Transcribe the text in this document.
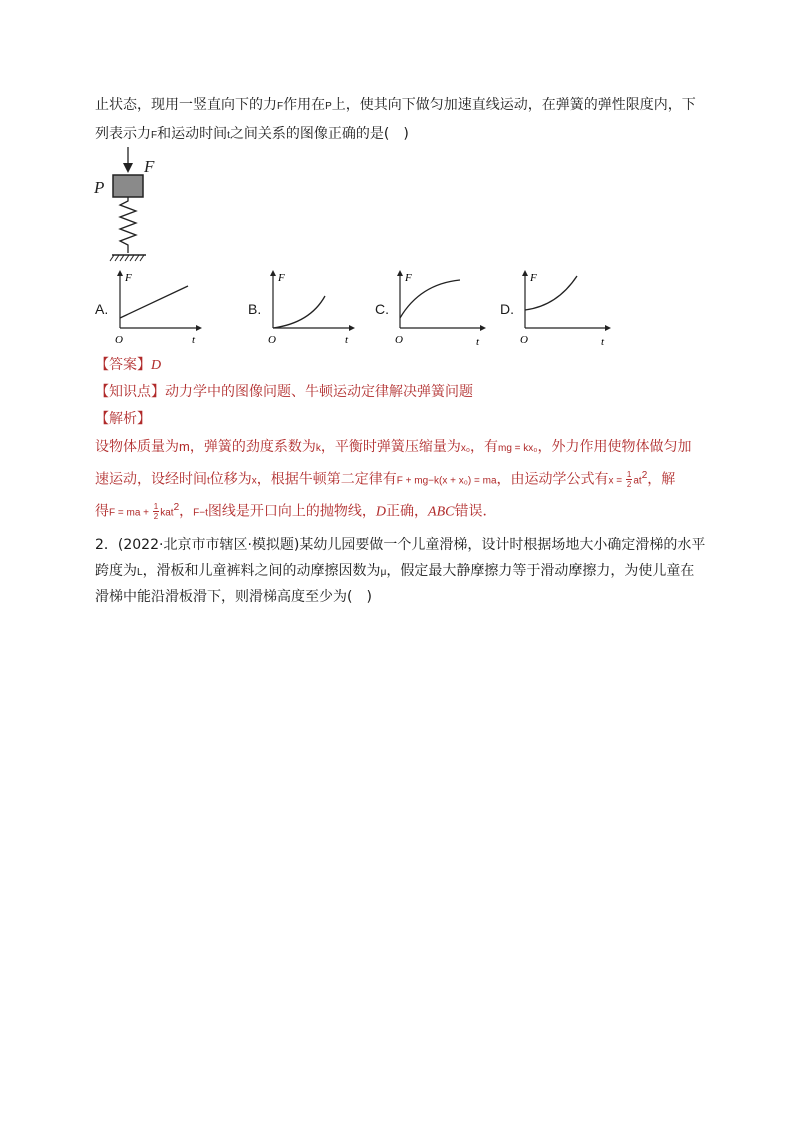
止状态，现用一竖直向下的力F作用在P上，使其向下做匀加速直线运动，在弹簧的弹性限度内，下
列表示力F和运动时间t之间关系的图像正确的是(　)
F
P
A.
F
O	t
B.
F
O	t
C.
F
O	t
D.
F
O	t
【答案】D
【知识点】动力学中的图像问题、牛顿运动定律解决弹簧问题
【解析】
设物体质量为m，弹簧的劲度系数为k，平衡时弹簧压缩量为x₀，有mg = kx₀，外力作用使物体做匀加
速运动，设经时间t位移为x，根据牛顿第二定律有F + mg−k(x + x₀) = ma，由运动学公式有$x = \frac{1}{2} at^2$，解
得F = ma + $\frac{1}{2} kat^2$，F−t图线是开口向上的抛物线，D正确，ABC错误．
2．(2022·北京市市辖区·模拟题)某幼儿园要做一个儿童滑梯，设计时根据场地大小确定滑梯的水平
跨度为L，滑板和儿童裤料之间的动摩擦因数为μ，假定最大静摩擦力等于滑动摩擦力，为使儿童在
滑梯中能沿滑板滑下，则滑梯高度至少为(　)
